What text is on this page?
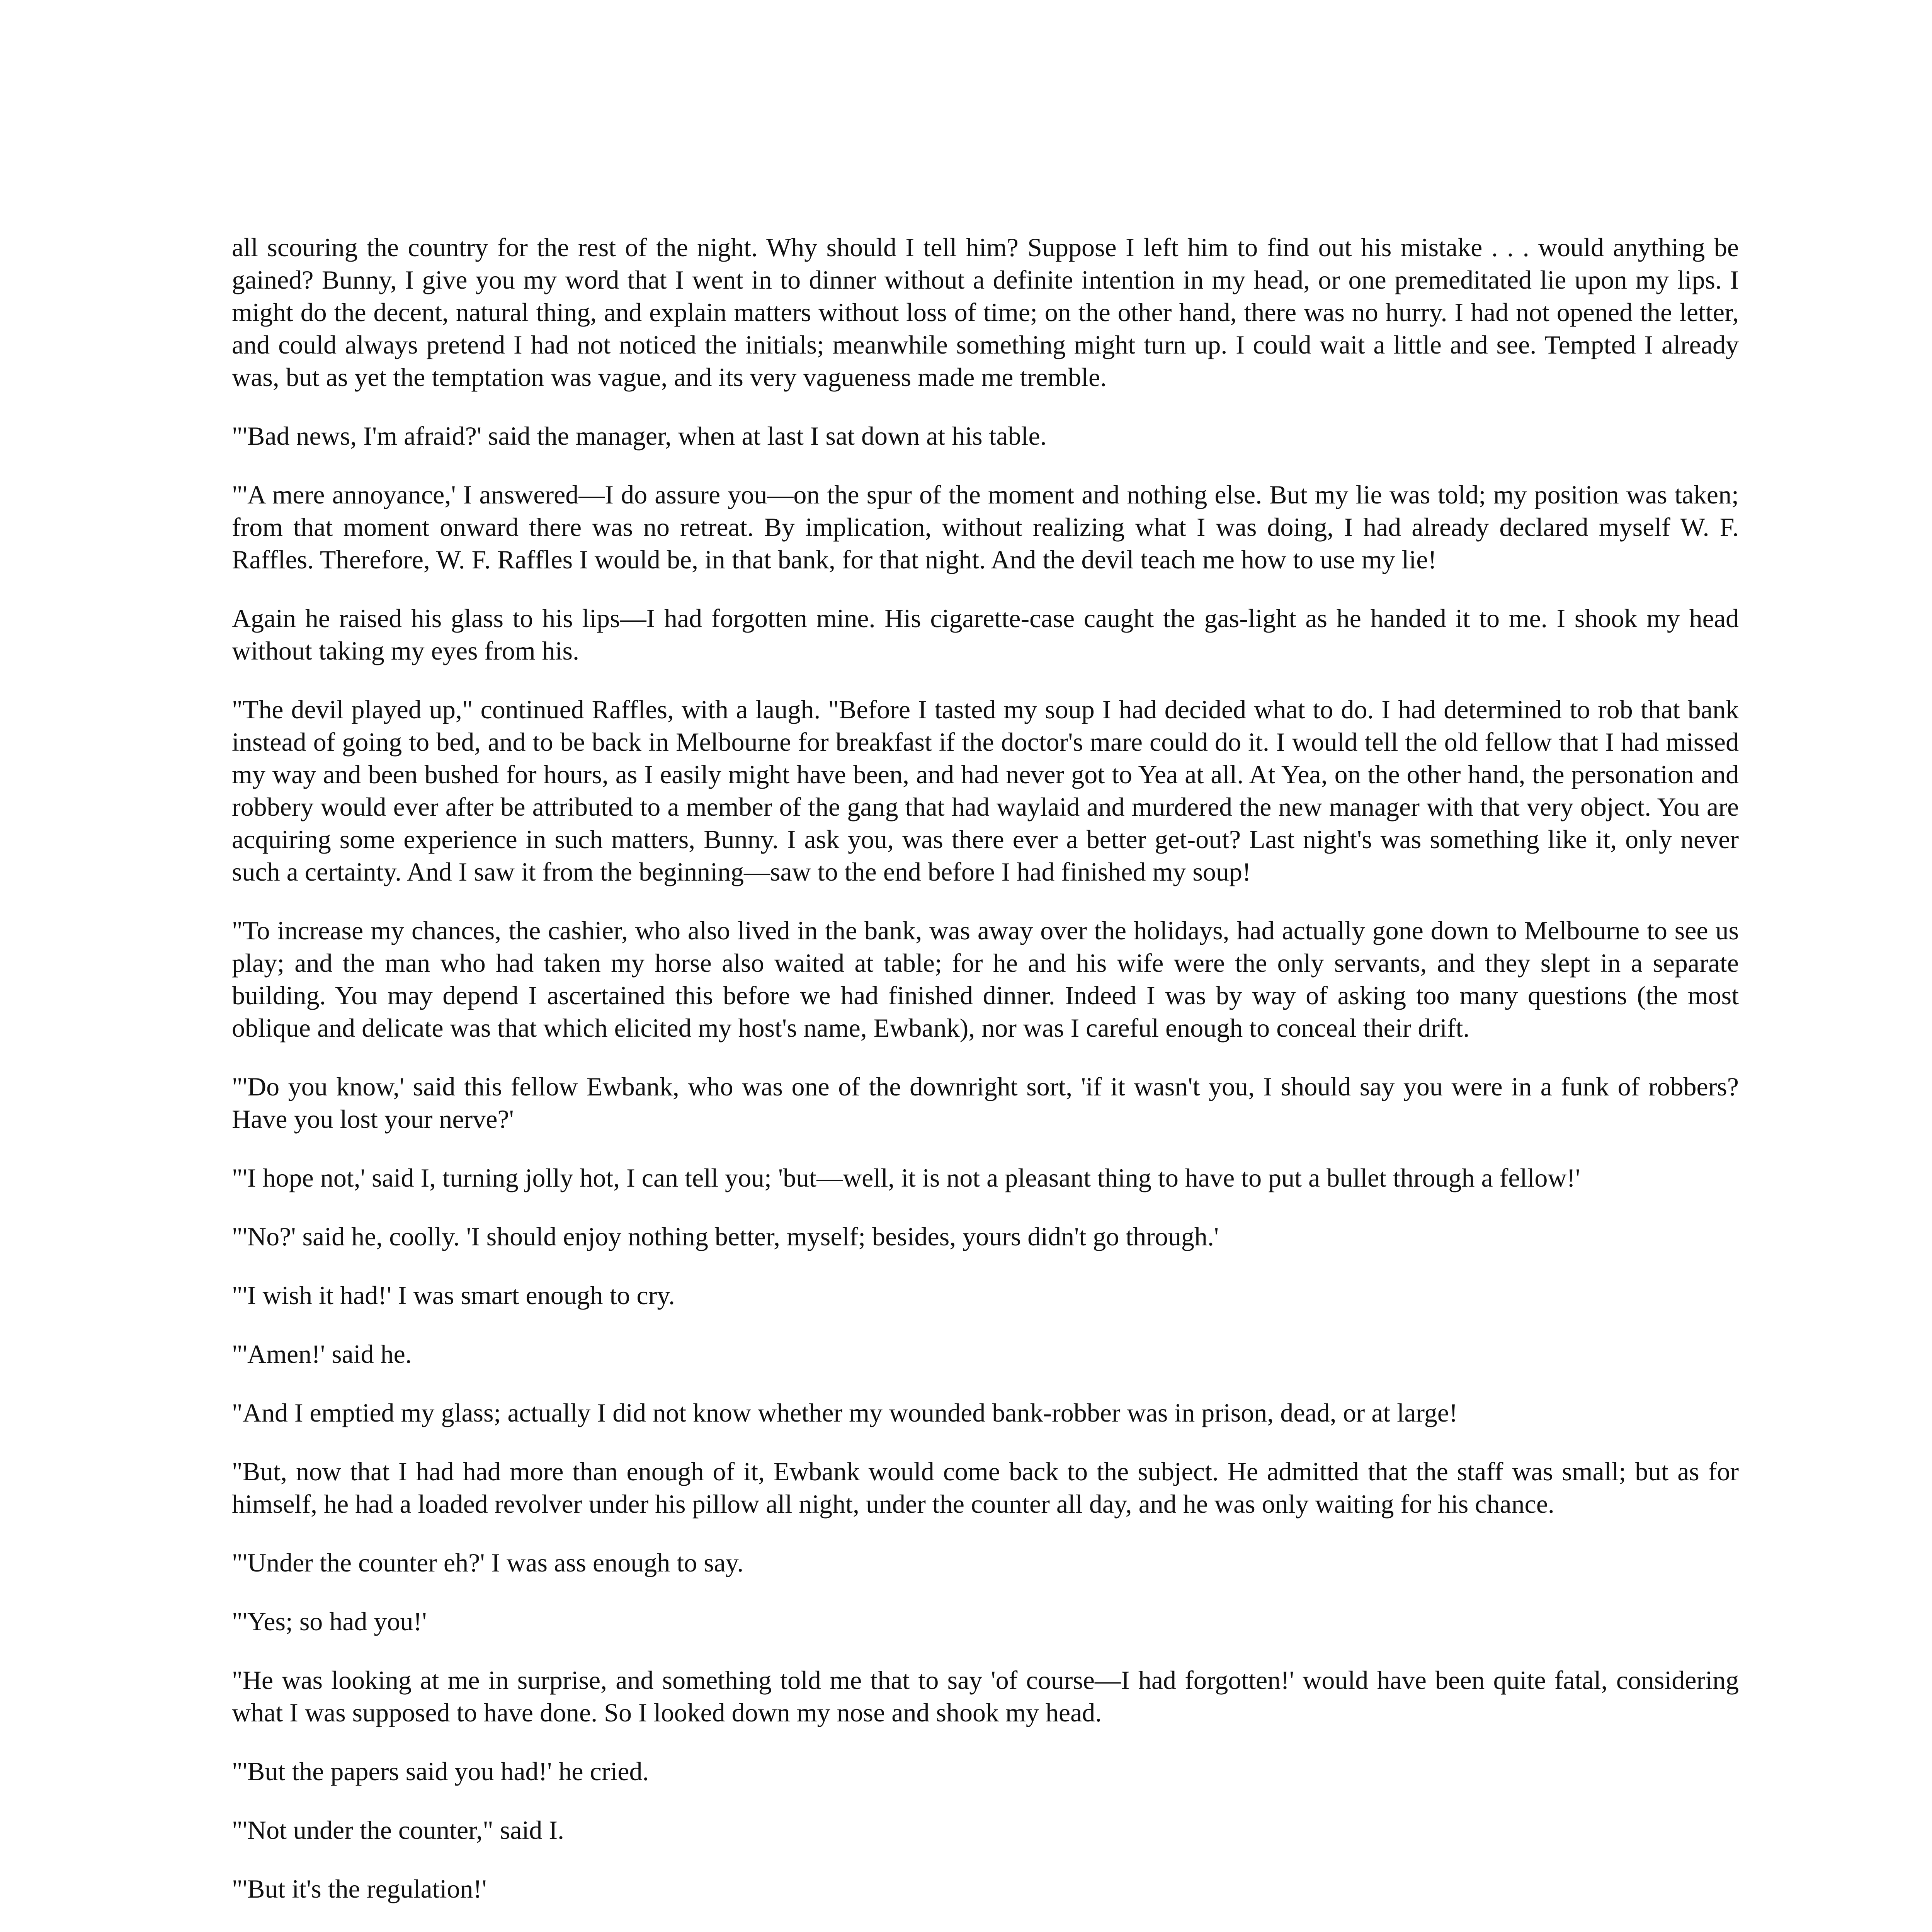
all scouring the country for the rest of the night. Why should I tell him? Suppose I left him to find out his mistake . . . would anything be gained? Bunny, I give you my word that I went in to dinner without a definite intention in my head, or one premeditated lie upon my lips. I might do the decent, natural thing, and explain matters without loss of time; on the other hand, there was no hurry. I had not opened the letter, and could always pretend I had not noticed the initials; meanwhile something might turn up. I could wait a little and see. Tempted I already was, but as yet the temptation was vague, and its very vagueness made me tremble.

"'Bad news, I'm afraid?' said the manager, when at last I sat down at his table.

"'A mere annoyance,' I answered—I do assure you—on the spur of the moment and nothing else. But my lie was told; my position was taken; from that moment onward there was no retreat. By implication, without realizing what I was doing, I had already declared myself W. F. Raffles. Therefore, W. F. Raffles I would be, in that bank, for that night. And the devil teach me how to use my lie!

Again he raised his glass to his lips—I had forgotten mine. His cigarette-case caught the gas-light as he handed it to me. I shook my head without taking my eyes from his.

"The devil played up," continued Raffles, with a laugh. "Before I tasted my soup I had decided what to do. I had determined to rob that bank instead of going to bed, and to be back in Melbourne for breakfast if the doctor's mare could do it. I would tell the old fellow that I had missed my way and been bushed for hours, as I easily might have been, and had never got to Yea at all. At Yea, on the other hand, the personation and robbery would ever after be attributed to a member of the gang that had waylaid and murdered the new manager with that very object. You are acquiring some experience in such matters, Bunny. I ask you, was there ever a better get-out? Last night's was something like it, only never such a certainty. And I saw it from the beginning—saw to the end before I had finished my soup!

"To increase my chances, the cashier, who also lived in the bank, was away over the holidays, had actually gone down to Melbourne to see us play; and the man who had taken my horse also waited at table; for he and his wife were the only servants, and they slept in a separate building. You may depend I ascertained this before we had finished dinner. Indeed I was by way of asking too many questions (the most oblique and delicate was that which elicited my host's name, Ewbank), nor was I careful enough to conceal their drift.

"'Do you know,' said this fellow Ewbank, who was one of the downright sort, 'if it wasn't you, I should say you were in a funk of robbers? Have you lost your nerve?'

"'I hope not,' said I, turning jolly hot, I can tell you; 'but—well, it is not a pleasant thing to have to put a bullet through a fellow!'

"'No?' said he, coolly. 'I should enjoy nothing better, myself; besides, yours didn't go through.'

"'I wish it had!' I was smart enough to cry.

"'Amen!' said he.

"And I emptied my glass; actually I did not know whether my wounded bank-robber was in prison, dead, or at large!

"But, now that I had had more than enough of it, Ewbank would come back to the subject. He admitted that the staff was small; but as for himself, he had a loaded revolver under his pillow all night, under the counter all day, and he was only waiting for his chance.

"'Under the counter eh?' I was ass enough to say.

"'Yes; so had you!'

"He was looking at me in surprise, and something told me that to say 'of course—I had forgotten!' would have been quite fatal, considering what I was supposed to have done. So I looked down my nose and shook my head.

"'But the papers said you had!' he cried.

"'Not under the counter," said I.

"'But it's the regulation!'
